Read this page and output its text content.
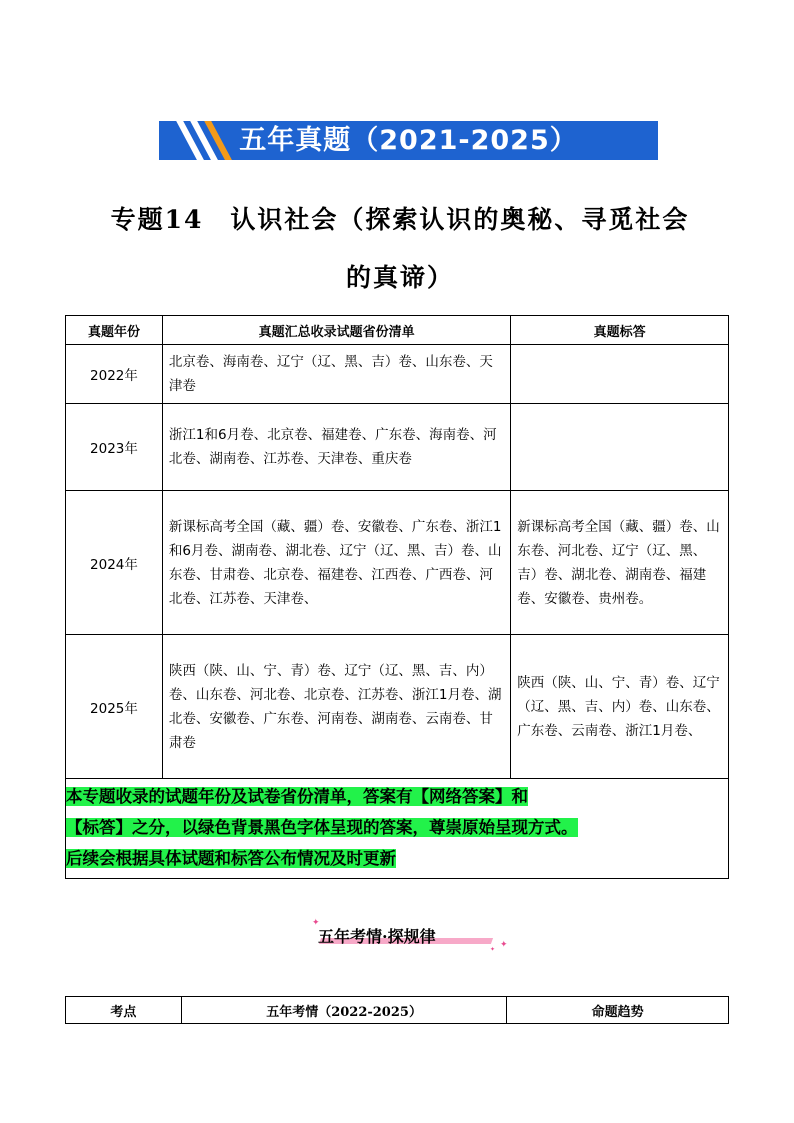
五年真题（2021-2025）
专题14　认识社会（探索认识的奥秘、寻觅社会
的真谛）
真题年份	真题汇总收录试题省份清单	真题标答
2022年	北京卷、海南卷、辽宁（辽、黑、吉）卷、山东卷、天津卷	
2023年	浙江1和6月卷、北京卷、福建卷、广东卷、海南卷、河北卷、湖南卷、江苏卷、天津卷、重庆卷	
2024年	新课标高考全国（藏、疆）卷、安徽卷、广东卷、浙江1和6月卷、湖南卷、湖北卷、辽宁（辽、黑、吉）卷、山东卷、甘肃卷、北京卷、福建卷、江西卷、广西卷、河北卷、江苏卷、天津卷、	新课标高考全国（藏、疆）卷、山东卷、河北卷、辽宁（辽、黑、吉）卷、湖北卷、湖南卷、福建卷、安徽卷、贵州卷。
2025年	陕西（陕、山、宁、青）卷、辽宁（辽、黑、吉、内）卷、山东卷、河北卷、北京卷、江苏卷、浙江1月卷、湖北卷、安徽卷、广东卷、河南卷、湖南卷、云南卷、甘肃卷	陕西（陕、山、宁、青）卷、辽宁（辽、黑、吉、内）卷、山东卷、广东卷、云南卷、浙江1月卷、

本专题收录的试题年份及试卷省份清单，答案有【网络答案】和
【标答】之分，以绿色背景黑色字体呈现的答案，尊崇原始呈现方式。
后续会根据具体试题和标答公布情况及时更新		
五年考情·探规律
✦
✦
✦
考点	五年考情（2022-2025）	命题趋势
